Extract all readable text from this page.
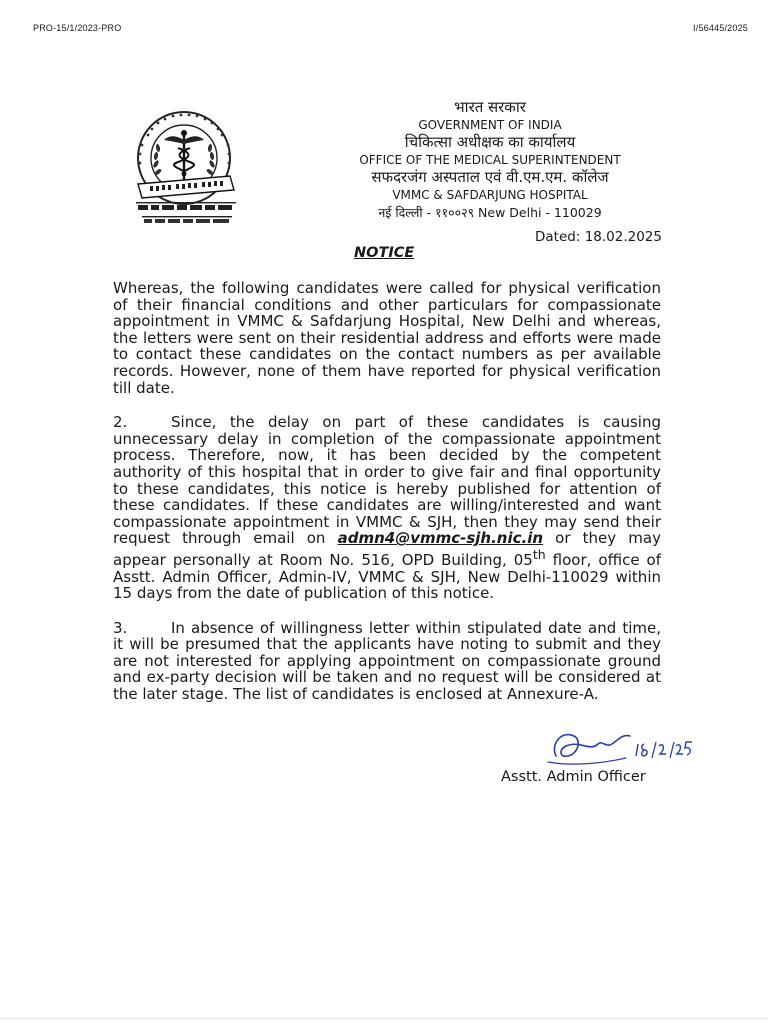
PRO-15/1/2023-PRO	I/56445/2025
भारत सरकार
GOVERNMENT OF INDIA
चिकित्सा अधीक्षक का कार्यालय
OFFICE OF THE MEDICAL SUPERINTENDENT
सफदरजंग अस्पताल एवं वी.एम.एम. कॉलेज
VMMC & SAFDARJUNG HOSPITAL
नई दिल्ली - ११००२९ New Delhi - 110029
Dated: 18.02.2025
NOTICE

Whereas, the following candidates were called for physical verification of their financial conditions and other particulars for compassionate appointment in VMMC & Safdarjung Hospital, New Delhi and whereas, the letters were sent on their residential address and efforts were made to contact these candidates on the contact numbers as per available records. However, none of them have reported for physical verification till date.

2.	Since, the delay on part of these candidates is causing unnecessary delay in completion of the compassionate appointment process. Therefore, now, it has been decided by the competent authority of this hospital that in order to give fair and final opportunity to these candidates, this notice is hereby published for attention of these candidates. If these candidates are willing/interested and want compassionate appointment in VMMC & SJH, then they may send their request through email on admn4@vmmc-sjh.nic.in or they may appear personally at Room No. 516, OPD Building, 05th floor, office of Asstt. Admin Officer, Admin-IV, VMMC & SJH, New Delhi-110029 within 15 days from the date of publication of this notice.

3.	In absence of willingness letter within stipulated date and time, it will be presumed that the applicants have noting to submit and they are not interested for applying appointment on compassionate ground and ex-party decision will be taken and no request will be considered at the later stage. The list of candidates is enclosed at Annexure-A.

Asstt. Admin Officer
